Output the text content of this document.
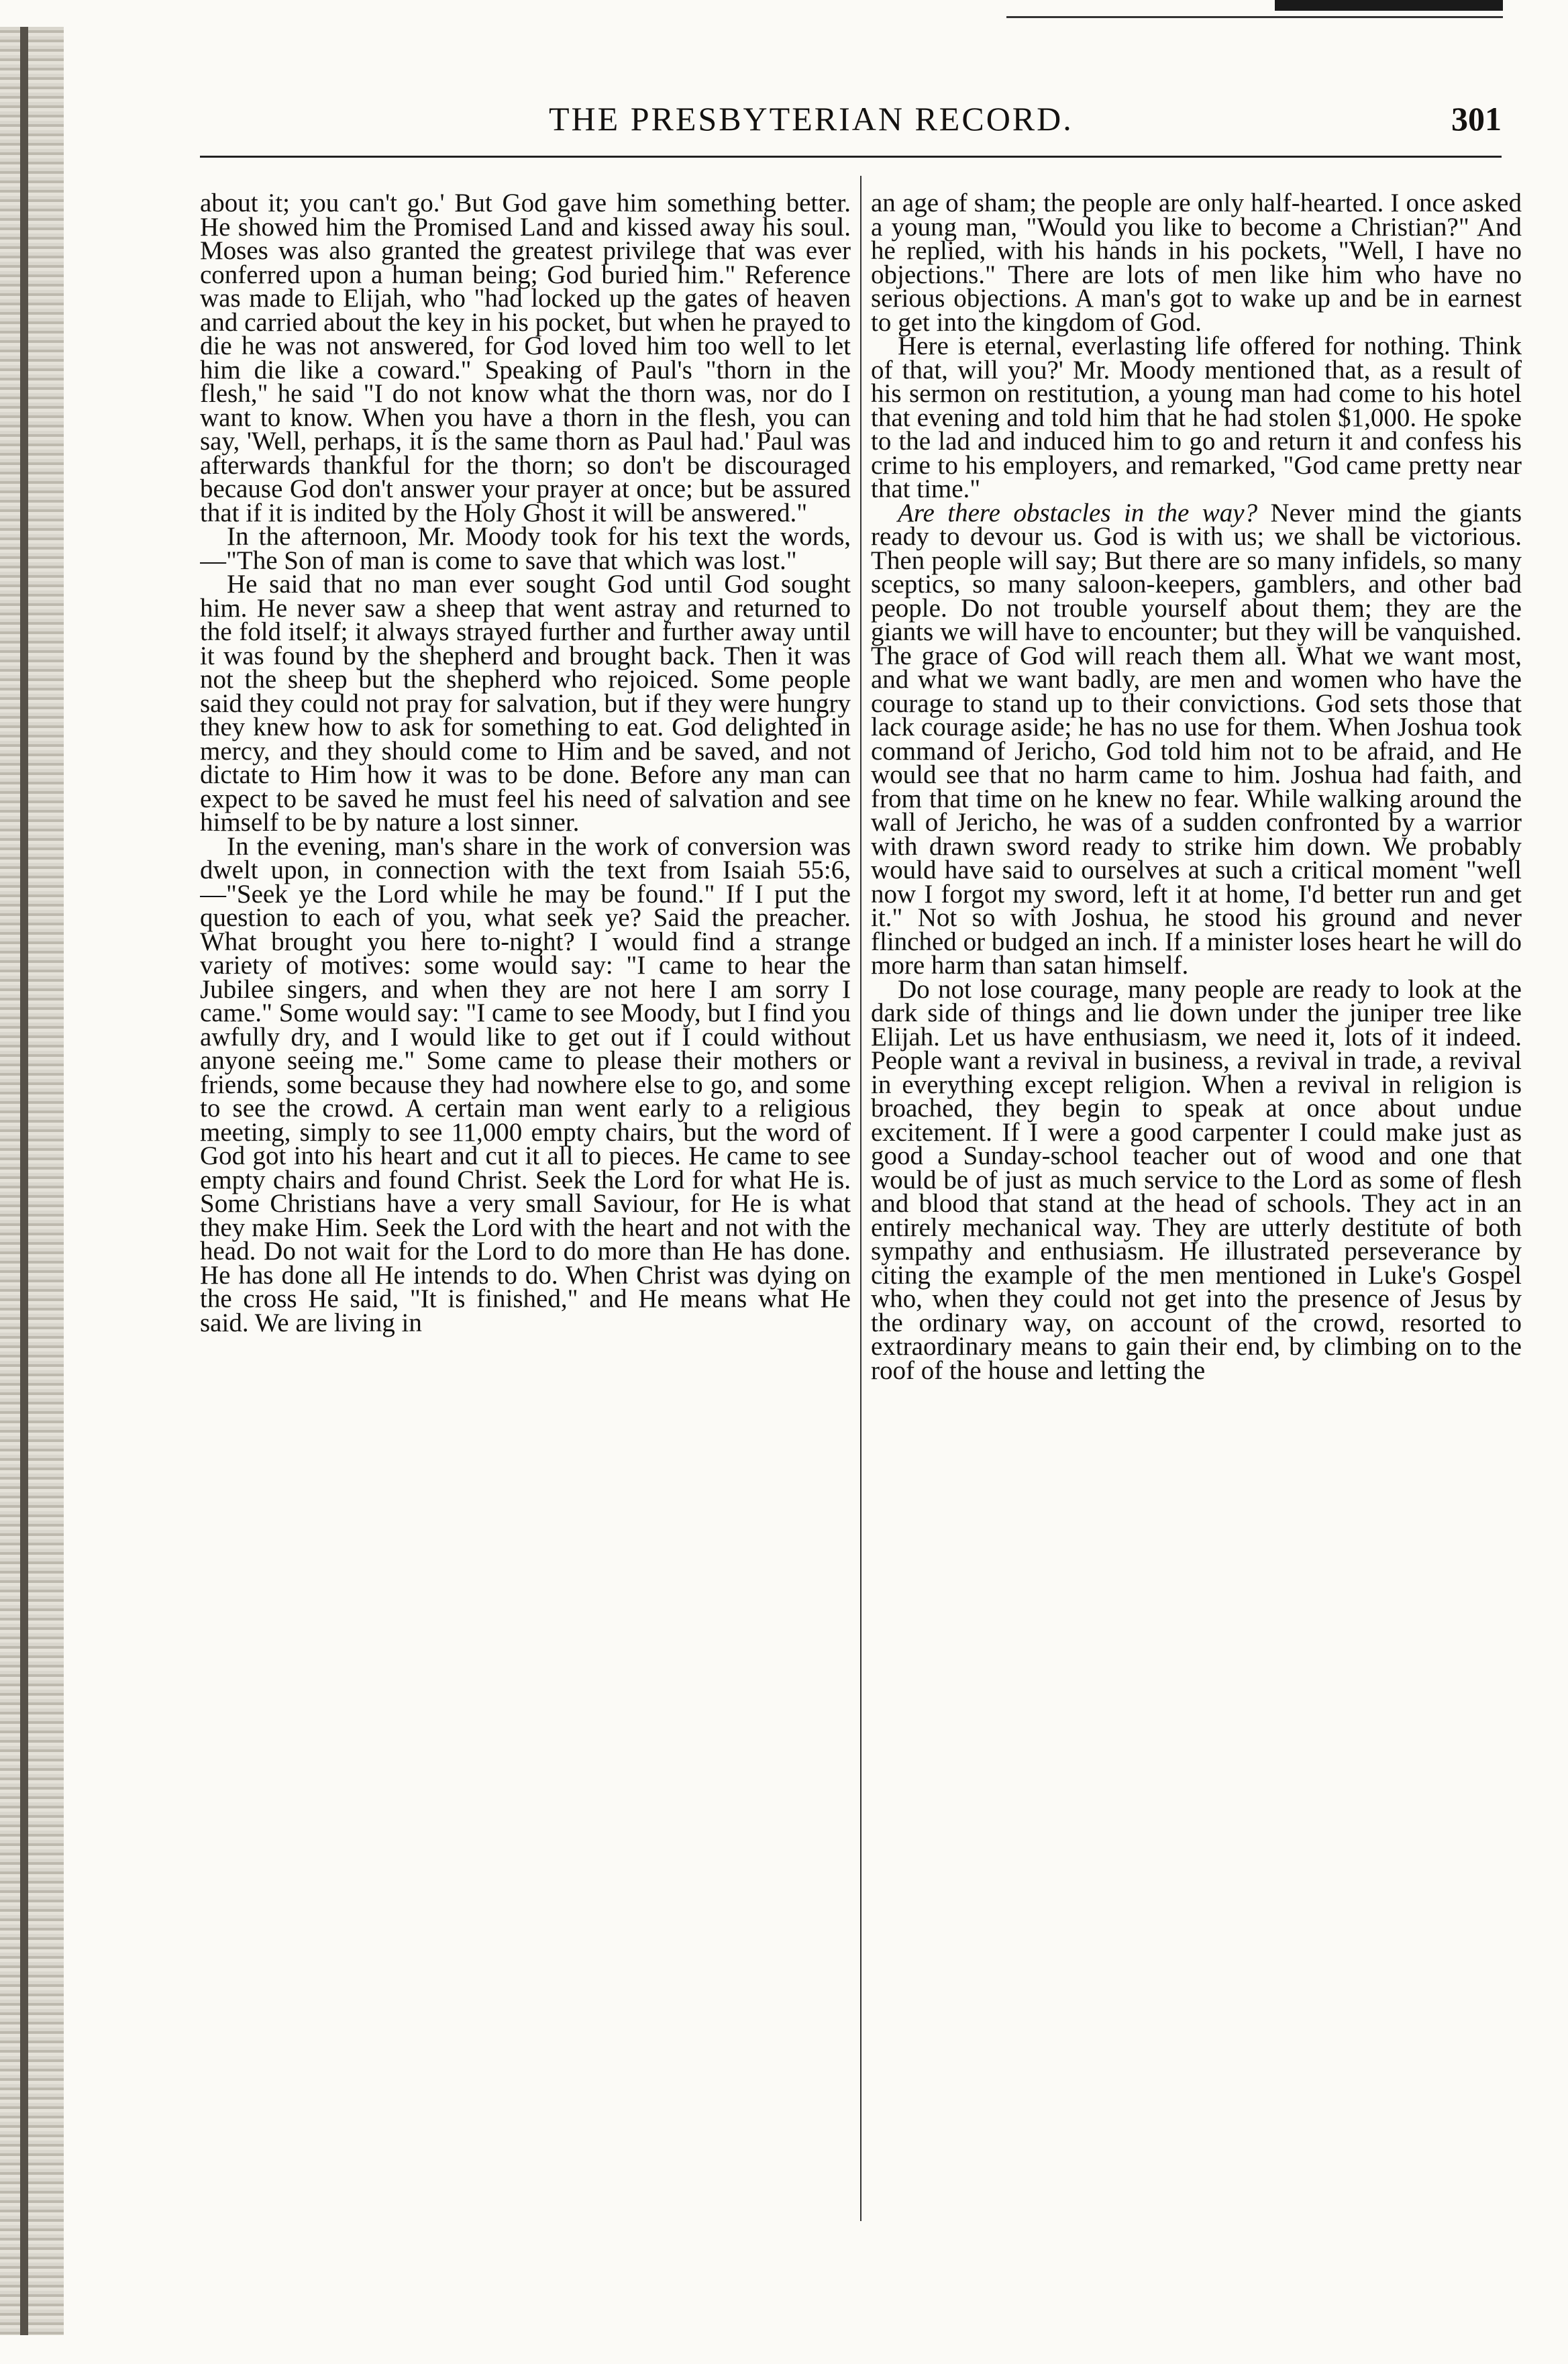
THE PRESBYTERIAN RECORD.	301

about it; you can't go.' But God gave him something better. He showed him the Promised Land and kissed away his soul. Moses was also granted the greatest privilege that was ever conferred upon a human being; God buried him." Reference was made to Elijah, who "had locked up the gates of heaven and carried about the key in his pocket, but when he prayed to die he was not answered, for God loved him too well to let him die like a coward." Speaking of Paul's "thorn in the flesh," he said "I do not know what the thorn was, nor do I want to know. When you have a thorn in the flesh, you can say, 'Well, perhaps, it is the same thorn as Paul had.' Paul was afterwards thankful for the thorn; so don't be discouraged because God don't answer your prayer at once; but be assured that if it is indited by the Holy Ghost it will be answered."

In the afternoon, Mr. Moody took for his text the words,—"The Son of man is come to save that which was lost."

He said that no man ever sought God until God sought him. He never saw a sheep that went astray and returned to the fold itself; it always strayed further and further away until it was found by the shepherd and brought back. Then it was not the sheep but the shepherd who rejoiced. Some people said they could not pray for salvation, but if they were hungry they knew how to ask for something to eat. God delighted in mercy, and they should come to Him and be saved, and not dictate to Him how it was to be done. Before any man can expect to be saved he must feel his need of salvation and see himself to be by nature a lost sinner.

In the evening, man's share in the work of conversion was dwelt upon, in connection with the text from Isaiah 55:6,—"Seek ye the Lord while he may be found." If I put the question to each of you, what seek ye? Said the preacher. What brought you here to-night? I would find a strange variety of motives: some would say: "I came to hear the Jubilee singers, and when they are not here I am sorry I came." Some would say: "I came to see Moody, but I find you awfully dry, and I would like to get out if I could without anyone seeing me." Some came to please their mothers or friends, some because they had nowhere else to go, and some to see the crowd. A certain man went early to a religious meeting, simply to see 11,000 empty chairs, but the word of God got into his heart and cut it all to pieces. He came to see empty chairs and found Christ. Seek the Lord for what He is. Some Christians have a very small Saviour, for He is what they make Him. Seek the Lord with the heart and not with the head. Do not wait for the Lord to do more than He has done. He has done all He intends to do. When Christ was dying on the cross He said, "It is finished," and He means what He said. We are living in

an age of sham; the people are only half-hearted. I once asked a young man, "Would you like to become a Christian?" And he replied, with his hands in his pockets, "Well, I have no objections." There are lots of men like him who have no serious objections. A man's got to wake up and be in earnest to get into the kingdom of God.

Here is eternal, everlasting life offered for nothing. Think of that, will you?' Mr. Moody mentioned that, as a result of his sermon on restitution, a young man had come to his hotel that evening and told him that he had stolen $1,000. He spoke to the lad and induced him to go and return it and confess his crime to his employers, and remarked, "God came pretty near that time."

Are there obstacles in the way? Never mind the giants ready to devour us. God is with us; we shall be victorious. Then people will say; But there are so many infidels, so many sceptics, so many saloon-keepers, gamblers, and other bad people. Do not trouble yourself about them; they are the giants we will have to encounter; but they will be vanquished. The grace of God will reach them all. What we want most, and what we want badly, are men and women who have the courage to stand up to their convictions. God sets those that lack courage aside; he has no use for them. When Joshua took command of Jericho, God told him not to be afraid, and He would see that no harm came to him. Joshua had faith, and from that time on he knew no fear. While walking around the wall of Jericho, he was of a sudden confronted by a warrior with drawn sword ready to strike him down. We probably would have said to ourselves at such a critical moment "well now I forgot my sword, left it at home, I'd better run and get it." Not so with Joshua, he stood his ground and never flinched or budged an inch. If a minister loses heart he will do more harm than satan himself.

Do not lose courage, many people are ready to look at the dark side of things and lie down under the juniper tree like Elijah. Let us have enthusiasm, we need it, lots of it indeed. People want a revival in business, a revival in trade, a revival in everything except religion. When a revival in religion is broached, they begin to speak at once about undue excitement. If I were a good carpenter I could make just as good a Sunday-school teacher out of wood and one that would be of just as much service to the Lord as some of flesh and blood that stand at the head of schools. They act in an entirely mechanical way. They are utterly destitute of both sympathy and enthusiasm. He illustrated perseverance by citing the example of the men mentioned in Luke's Gospel who, when they could not get into the presence of Jesus by the ordinary way, on account of the crowd, resorted to extraordinary means to gain their end, by climbing on to the roof of the house and letting the
